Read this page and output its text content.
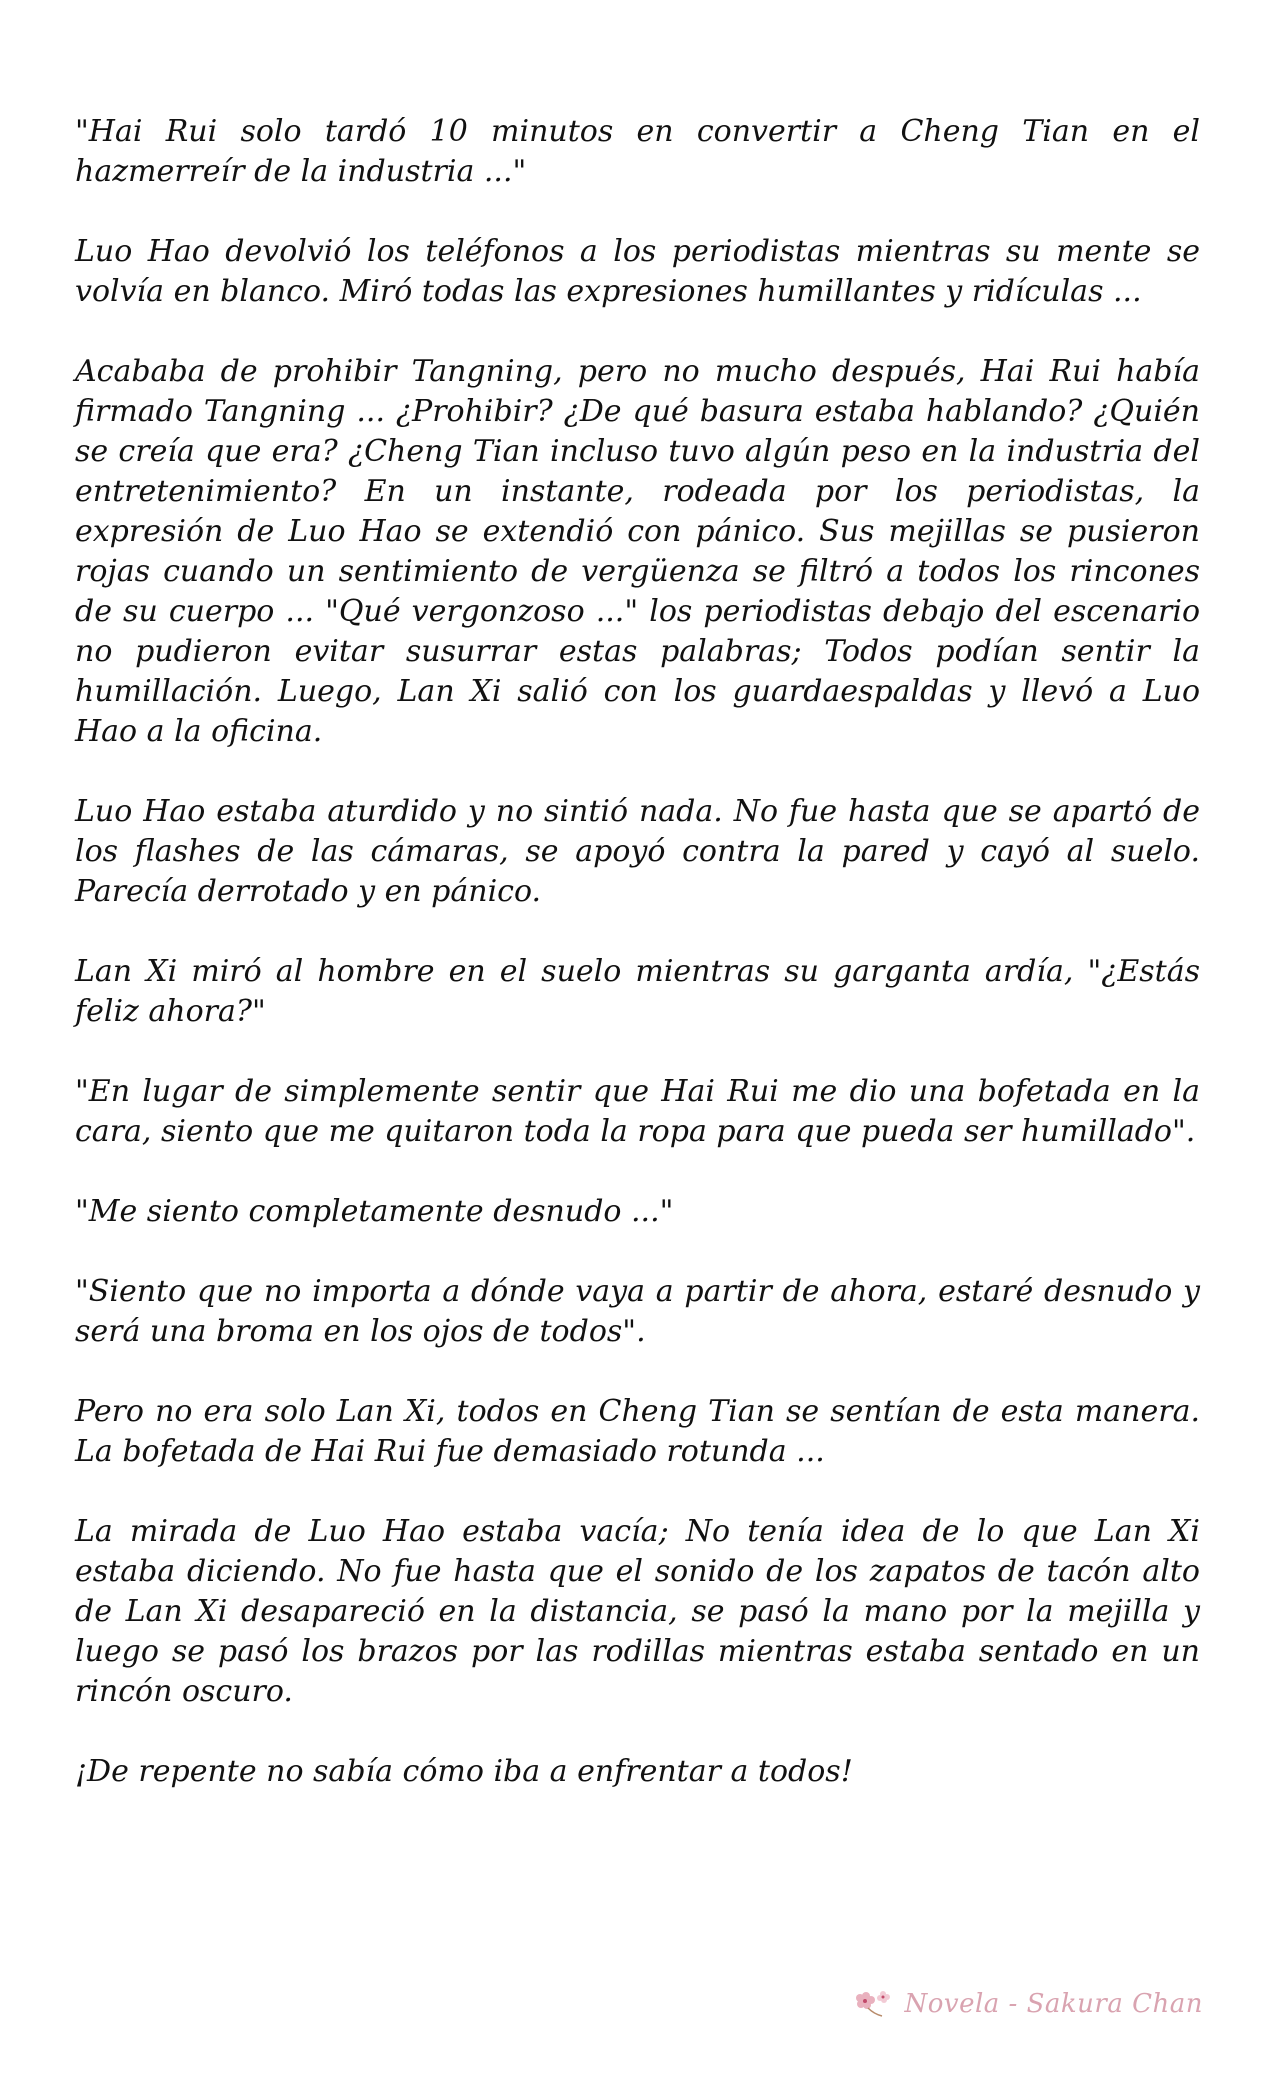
"Hai Rui solo tardó 10 minutos en convertir a Cheng Tian en el hazmerreír de la industria ..."

Luo Hao devolvió los teléfonos a los periodistas mientras su mente se volvía en blanco. Miró todas las expresiones humillantes y ridículas ...

Acababa de prohibir Tangning, pero no mucho después, Hai Rui había firmado Tangning ... ¿Prohibir? ¿De qué basura estaba hablando? ¿Quién se creía que era? ¿Cheng Tian incluso tuvo algún peso en la industria del entretenimiento? En un instante, rodeada por los periodistas, la expresión de Luo Hao se extendió con pánico. Sus mejillas se pusieron rojas cuando un sentimiento de vergüenza se filtró a todos los rincones de su cuerpo ... "Qué vergonzoso ..." los periodistas debajo del escenario no pudieron evitar susurrar estas palabras; Todos podían sentir la humillación. Luego, Lan Xi salió con los guardaespaldas y llevó a Luo Hao a la oficina.

Luo Hao estaba aturdido y no sintió nada. No fue hasta que se apartó de los flashes de las cámaras, se apoyó contra la pared y cayó al suelo. Parecía derrotado y en pánico.

Lan Xi miró al hombre en el suelo mientras su garganta ardía, "¿Estás feliz ahora?"

"En lugar de simplemente sentir que Hai Rui me dio una bofetada en la cara, siento que me quitaron toda la ropa para que pueda ser humillado".

"Me siento completamente desnudo ..."

"Siento que no importa a dónde vaya a partir de ahora, estaré desnudo y será una broma en los ojos de todos".

Pero no era solo Lan Xi, todos en Cheng Tian se sentían de esta manera. La bofetada de Hai Rui fue demasiado rotunda ...

La mirada de Luo Hao estaba vacía; No tenía idea de lo que Lan Xi estaba diciendo. No fue hasta que el sonido de los zapatos de tacón alto de Lan Xi desapareció en la distancia, se pasó la mano por la mejilla y luego se pasó los brazos por las rodillas mientras estaba sentado en un rincón oscuro.

¡De repente no sabía cómo iba a enfrentar a todos!

Novela - Sakura Chan
